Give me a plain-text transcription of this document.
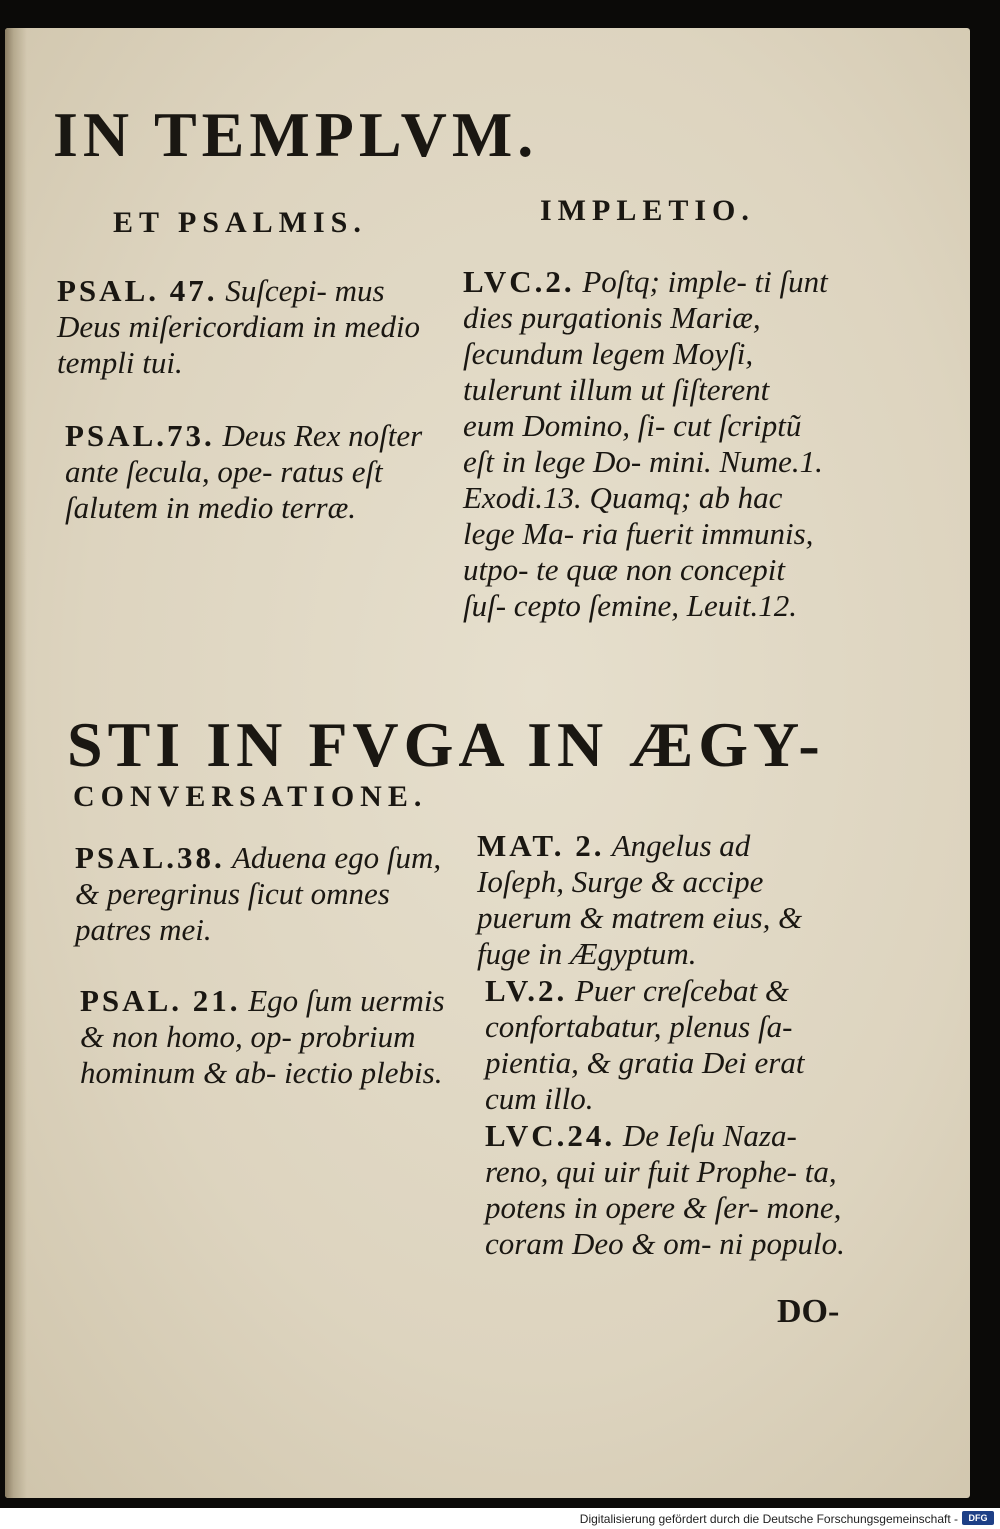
IN TEMPLVM.
ET PSALMIS.	IMPLETIO.
PSAL. 47. Suſcepi- mus Deus miſericordiam in medio templi tui.
PSAL.73. Deus Rex noſter ante ſecula, ope- ratus eſt ſalutem in medio terræ.
LVC.2. Poſtq; imple- ti ſunt dies purgationis Mariæ, ſecundum legem Moyſi, tulerunt illum ut ſiſterent eum Domino, ſi- cut ſcriptũ eſt in lege Do- mini. Nume.1. Exodi.13. Quamq; ab hac lege Ma- ria fuerit immunis, utpo- te quæ non concepit ſuſ- cepto ſemine, Leuit.12.
STI IN FVGA IN ÆGY-
CONVERSATIONE.
PSAL.38. Aduena ego ſum, & peregrinus ſicut omnes patres mei.
PSAL. 21. Ego ſum uermis & non homo, op- probrium hominum & ab- iectio plebis.
MAT. 2. Angelus ad Ioſeph, Surge & accipe puerum & matrem eius, & fuge in Ægyptum.
LV.2. Puer creſcebat & confortabatur, plenus ſa- pientia, & gratia Dei erat cum illo.
LVC.24. De Ieſu Naza- reno, qui uir fuit Prophe- ta, potens in opere & ſer- mone, coram Deo & om- ni populo.
DO-
Digitalisierung gefördert durch die Deutsche Forschungsgemeinschaft -	DFG
